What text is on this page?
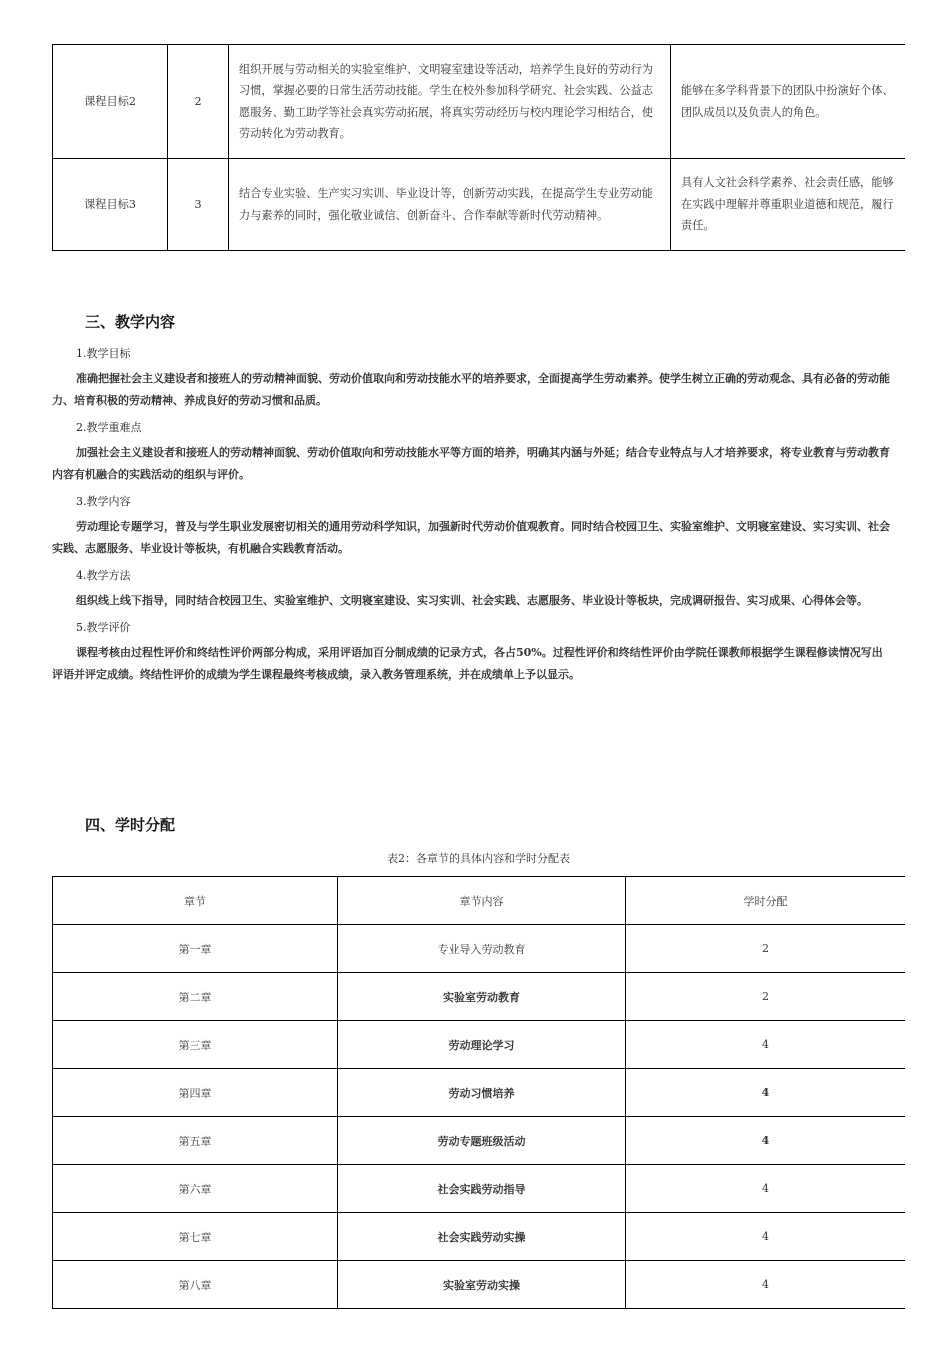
课程目标2	2	组织开展与劳动相关的实验室维护、文明寝室建设等活动，培养学生良好的劳动行为习惯，掌握必要的日常生活劳动技能。学生在校外参加科学研究、社会实践、公益志愿服务、勤工助学等社会真实劳动拓展，将真实劳动经历与校内理论学习相结合，使劳动转化为劳动教育。	能够在多学科背景下的团队中扮演好个体、团队成员以及负责人的角色。
课程目标3	3	结合专业实验、生产实习实训、毕业设计等，创新劳动实践，在提高学生专业劳动能力与素养的同时，强化敬业诚信、创新奋斗、合作奉献等新时代劳动精神。	具有人文社会科学素养、社会责任感，能够在实践中理解并尊重职业道德和规范，履行责任。
三、教学内容

1.教学目标

准确把握社会主义建设者和接班人的劳动精神面貌、劳动价值取向和劳动技能水平的培养要求，全面提高学生劳动素养。使学生树立正确的劳动观念、具有必备的劳动能力、培育积极的劳动精神、养成良好的劳动习惯和品质。

2.教学重难点

加强社会主义建设者和接班人的劳动精神面貌、劳动价值取向和劳动技能水平等方面的培养，明确其内涵与外延；结合专业特点与人才培养要求，将专业教育与劳动教育内容有机融合的实践活动的组织与评价。

3.教学内容

劳动理论专题学习，普及与学生职业发展密切相关的通用劳动科学知识，加强新时代劳动价值观教育。同时结合校园卫生、实验室维护、文明寝室建设、实习实训、社会实践、志愿服务、毕业设计等板块，有机融合实践教育活动。

4.教学方法

组织线上线下指导，同时结合校园卫生、实验室维护、文明寝室建设、实习实训、社会实践、志愿服务、毕业设计等板块，完成调研报告、实习成果、心得体会等。

5.教学评价

课程考核由过程性评价和终结性评价两部分构成，采用评语加百分制成绩的记录方式，各占50%。过程性评价和终结性评价由学院任课教师根据学生课程修读情况写出评语并评定成绩。终结性评价的成绩为学生课程最终考核成绩，录入教务管理系统，并在成绩单上予以显示。

四、学时分配

表2：各章节的具体内容和学时分配表

章节	章节内容	学时分配
第一章	专业导入劳动教育	2
第二章	实验室劳动教育	2
第三章	劳动理论学习	4
第四章	劳动习惯培养	4
第五章	劳动专题班级活动	4
第六章	社会实践劳动指导	4
第七章	社会实践劳动实操	4
第八章	实验室劳动实操	4
